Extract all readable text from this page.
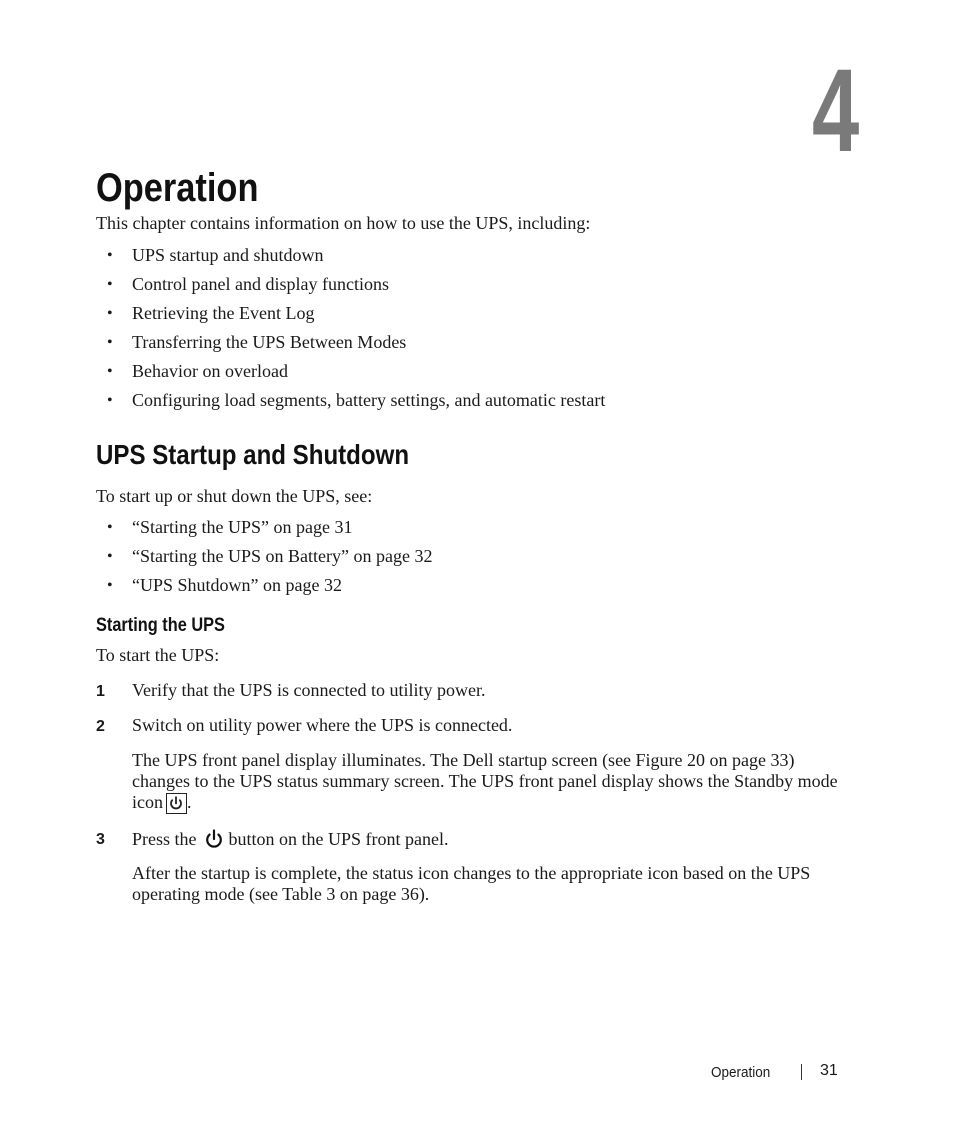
4
Operation

This chapter contains information on how to use the UPS, including:

• UPS startup and shutdown
• Control panel and display functions
• Retrieving the Event Log
• Transferring the UPS Between Modes
• Behavior on overload
• Configuring load segments, battery settings, and automatic restart
UPS Startup and Shutdown

To start up or shut down the UPS, see:

• “Starting the UPS” on page 31
• “Starting the UPS on Battery” on page 32
• “UPS Shutdown” on page 32
Starting the UPS

To start the UPS:

1 Verify that the UPS is connected to utility power.
2 Switch on utility power where the UPS is connected.
The UPS front panel display illuminates. The Dell startup screen (see Figure 20 on page 33)
changes to the UPS status summary screen. The UPS front panel display shows the Standby mode
icon .
3 Press the button on the UPS front panel.
After the startup is complete, the status icon changes to the appropriate icon based on the UPS operating mode (see Table 3 on page 36).
Operation	31
